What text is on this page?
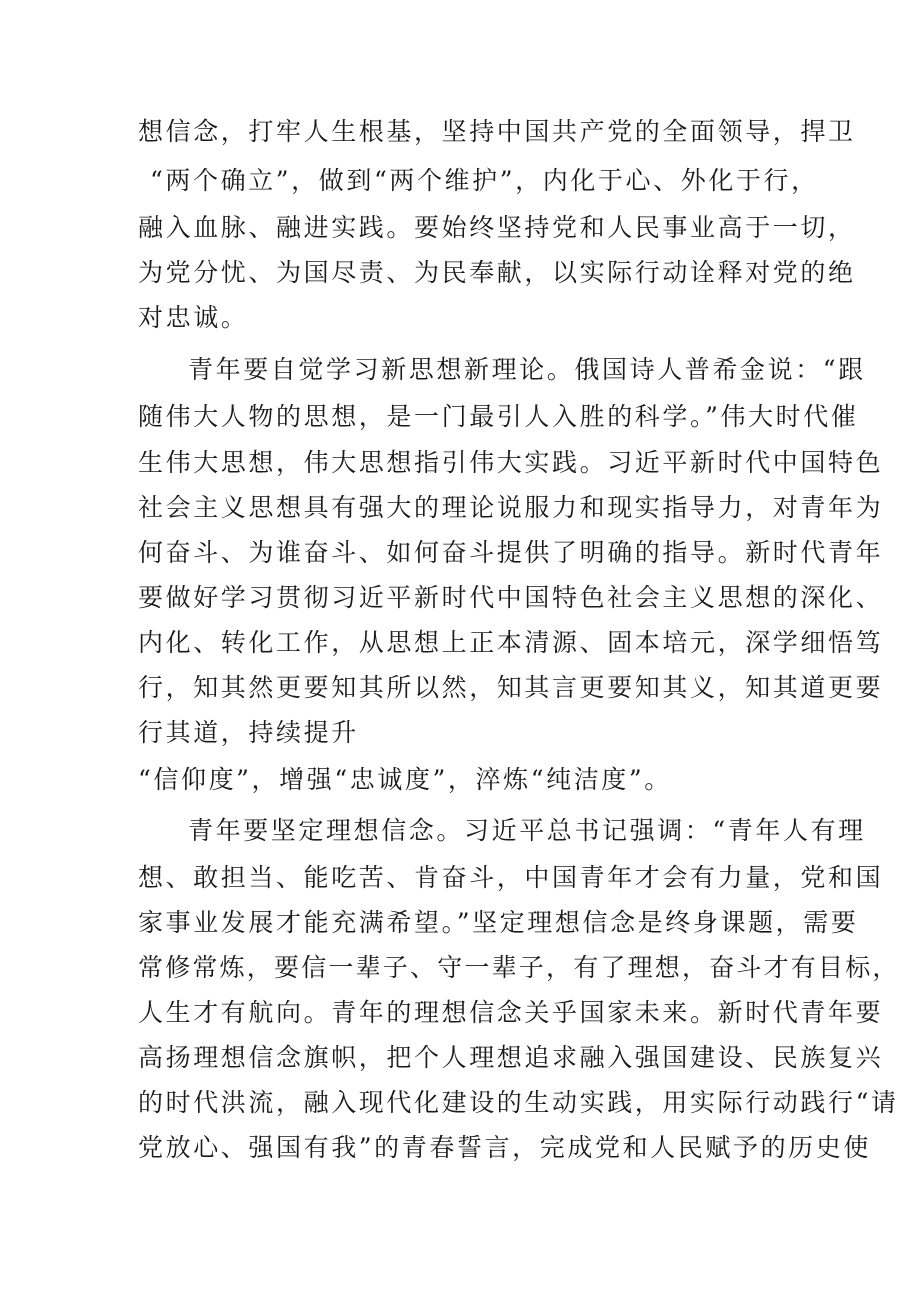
想信念，打牢人生根基，坚持中国共产党的全面领导，捍卫
“两个确立”，做到“两个维护”，内化于心、外化于行，
融入血脉、融进实践。要始终坚持党和人民事业高于一切，
为党分忧、为国尽责、为民奉献，以实际行动诠释对党的绝
对忠诚。
青年要自觉学习新思想新理论。俄国诗人普希金说：“跟
随伟大人物的思想，是一门最引人入胜的科学。”伟大时代催
生伟大思想，伟大思想指引伟大实践。习近平新时代中国特色
社会主义思想具有强大的理论说服力和现实指导力，对青年为
何奋斗、为谁奋斗、如何奋斗提供了明确的指导。新时代青年
要做好学习贯彻习近平新时代中国特色社会主义思想的深化、
内化、转化工作，从思想上正本清源、固本培元，深学细悟笃
行，知其然更要知其所以然，知其言更要知其义，知其道更要
行其道，持续提升
“信仰度”，增强“忠诚度”，淬炼“纯洁度”。
青年要坚定理想信念。习近平总书记强调：“青年人有理
想、敢担当、能吃苦、肯奋斗，中国青年才会有力量，党和国
家事业发展才能充满希望。”坚定理想信念是终身课题，需要
常修常炼，要信一辈子、守一辈子，有了理想，奋斗才有目标，
人生才有航向。青年的理想信念关乎国家未来。新时代青年要
高扬理想信念旗帜，把个人理想追求融入强国建设、民族复兴
的时代洪流，融入现代化建设的生动实践，用实际行动践行“请
党放心、强国有我”的青春誓言，完成党和人民赋予的历史使
